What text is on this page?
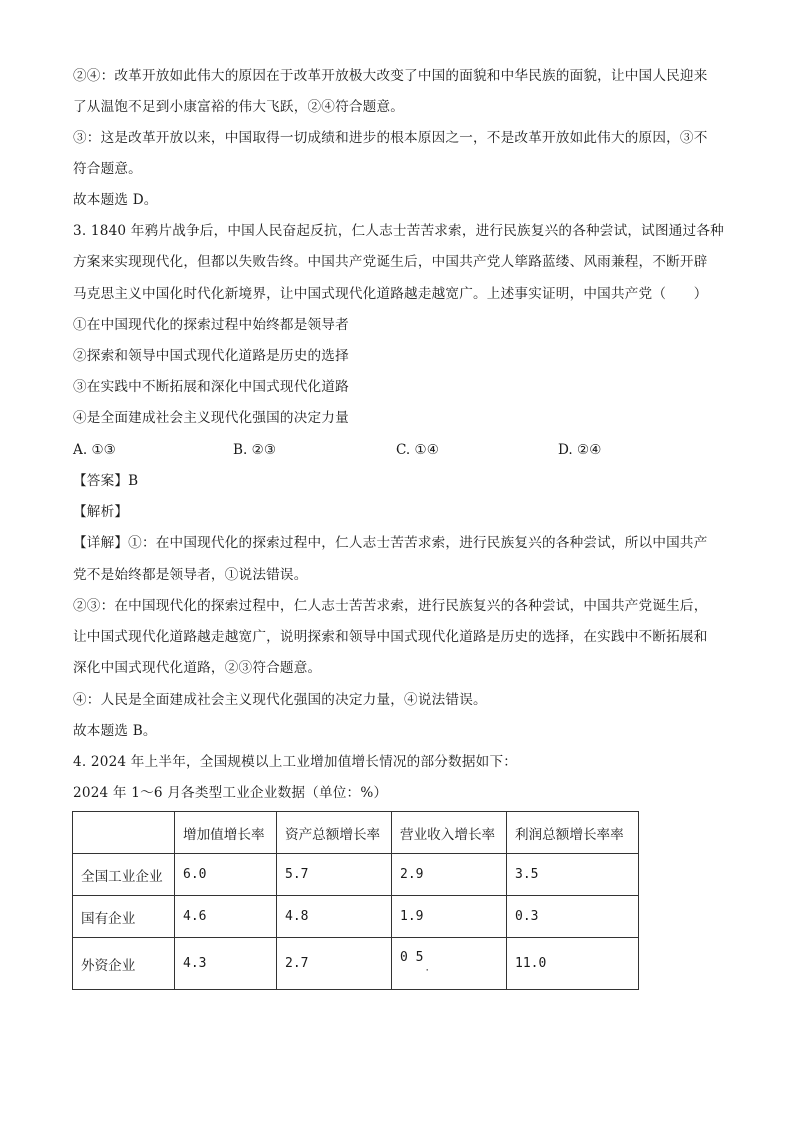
②④：改革开放如此伟大的原因在于改革开放极大改变了中国的面貌和中华民族的面貌，让中国人民迎来
了从温饱不足到小康富裕的伟大飞跃，②④符合题意。
③：这是改革开放以来，中国取得一切成绩和进步的根本原因之一，不是改革开放如此伟大的原因，③不
符合题意。
故本题选 D。
3. 1840 年鸦片战争后，中国人民奋起反抗，仁人志士苦苦求索，进行民族复兴的各种尝试，试图通过各种
方案来实现现代化，但都以失败告终。中国共产党诞生后，中国共产党人筚路蓝缕、风雨兼程，不断开辟
马克思主义中国化时代化新境界，让中国式现代化道路越走越宽广。上述事实证明，中国共产党（　　）
①在中国现代化的探索过程中始终都是领导者
②探索和领导中国式现代化道路是历史的选择
③在实践中不断拓展和深化中国式现代化道路
④是全面建成社会主义现代化强国的决定力量
A. ①③	B. ②③	C. ①④	D. ②④
【答案】B
【解析】
【详解】①：在中国现代化的探索过程中，仁人志士苦苦求索，进行民族复兴的各种尝试，所以中国共产
党不是始终都是领导者，①说法错误。
②③：在中国现代化的探索过程中，仁人志士苦苦求索，进行民族复兴的各种尝试，中国共产党诞生后，
让中国式现代化道路越走越宽广，说明探索和领导中国式现代化道路是历史的选择，在实践中不断拓展和
深化中国式现代化道路，②③符合题意。
④：人民是全面建成社会主义现代化强国的决定力量，④说法错误。
故本题选 B。
4. 2024 年上半年，全国规模以上工业增加值增长情况的部分数据如下：
2024 年 1～6 月各类型工业企业数据（单位：%）
	增加值增长率	资产总额增长率	营业收入增长率	利润总额增长率率
全国工业企业	6.0	5.7	2.9	3.5
国有企业	4.6	4.8	1.9	0.3
外资企业	4.3	2.7	0 5·	11.0
